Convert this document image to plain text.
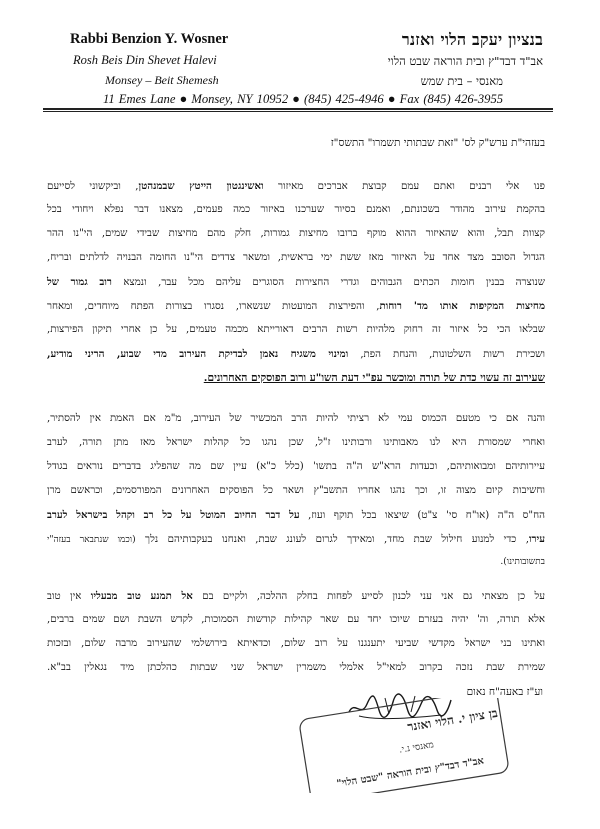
Rabbi Benzion Y. Wosner
Rosh Beis Din Shevet Halevi
Monsey – Beit Shemesh
בנציון יעקב הלוי ואזנר
אב"ד דבד"ץ ובית הוראה שבט הלוי
מאנסי – בית שמש
11 Emes Lane ● Monsey, NY 10952 ● (845) 425-4946 ● Fax (845) 426-3955
בעזהי"ת ערש"ק לס' "זאת שבתותי תשמרו" התשס"ז
פנו אלי רבנים ואתם עמם קבוצת אברכים מאיזור ואשינגטון הייטץ שבמנהטן, וביקשוני לסייעם
בהקמת עירוב מהודר בשכונתם, ואמנם בסיור שערכנו באיזור כמה פעמים, מצאנו דבר נפלא ויחודי בכל
קצוות תבל, והוא שהאיזור ההוא מוקף ברובו מחיצות גמורות, חלק מהם מחיצות שבידי שמים, הי"נו ההר
הגדול הסובב מצד אחד על האיזור מאז ששת ימי בראשית, ומשאר צדדים הי"נו החומה הבנויה לדלתים ובריח,
שנוצרה בבנין חומות הכתים הגבוהים וגדרי החצירות הסוגרים עליהם מכל עבר, ונמצא רוב גמור של
מחיצות המקיפות אותו מד' רוחות, והפירצות המועטות שנשארו, נסגרו בצורות הפתח מיוחדים, ומאחר
שבלאו הכי כל איזור זה רחוק מלהיות רשות הרבים דאורייתא מכמה טעמים, על כן אחרי תיקון הפירצות,
ושכירת רשות השלטונות, והנחת הפת, ומינוי משגיח נאמן לבדיקת העירוב מדי שבוע, הריני מודיע,
שעירוב זה עשוי כדת של תורה ומוכשר עפ"י דעת השו"ע ורוב הפוסקים האחרונים.
והנה אם כי מטעם הכמוס עמי לא רציתי להיות הרב המכשיר של העירוב, מ"מ אם האמת אין להסתיר,
ואחרי שמסורת היא לנו מאבותינו ורבותינו ז"ל, שכן נהגו כל קהלות ישראל מאז מתן תורה, לערב
עיירותיהם ומבואותיהם, וכעדות הרא"ש ה"ה בתשו' (כלל כ"א) עיין שם מה שהפליג בדברים נוראים בגודל
וחשיבות קיום מצוה זו, וכך נהגו אחריו התשב"ץ ושאר כל הפוסקים האחרונים המפורסמים, וכראשם מרן
הח"ס ה"ה (או"ח סי' צ"ט) שיצאו בכל תוקף ועוז, על דבר החיוב המוטל על כל רב וקהל בישראל לערב
עירו, כדי למנוע חילול שבת מחד, ומאידך לגרום לעונג שבת, ואנחנו בעקבותיהם נלך (וכמו שנתבאר בעזה"י
בתשובותינו).
על כן מצאתי גם אני עני לכנון לסייע לפחות בחלק ההלכה, ולקיים בם אל תמנע טוב מבעליו אין טוב
אלא תורה, וה' יהיה בעזרם שיוכו יחד עם שאר קהילות קודשות הסמוכות, לקדש השבת ושם שמים ברבים,
ואתינו בני ישראל מקדשי שביעי יתענגנו על רוב שלום, וכדאיתא בירושלמי שהעירוב מרבה שלום, ובזכות
שמירת שבת נזכה בקרוב למאי"ל אלמלי משמרין ישראל שני שבתות כהלכתן מיד נגאלין בב"א.
וע"ז באעה"ח נאום
בן ציון י. הלוי ואזנר
מאנסי נ.י.
אב"ד דבד"ץ ובית הוראה "שבט הלוי"
